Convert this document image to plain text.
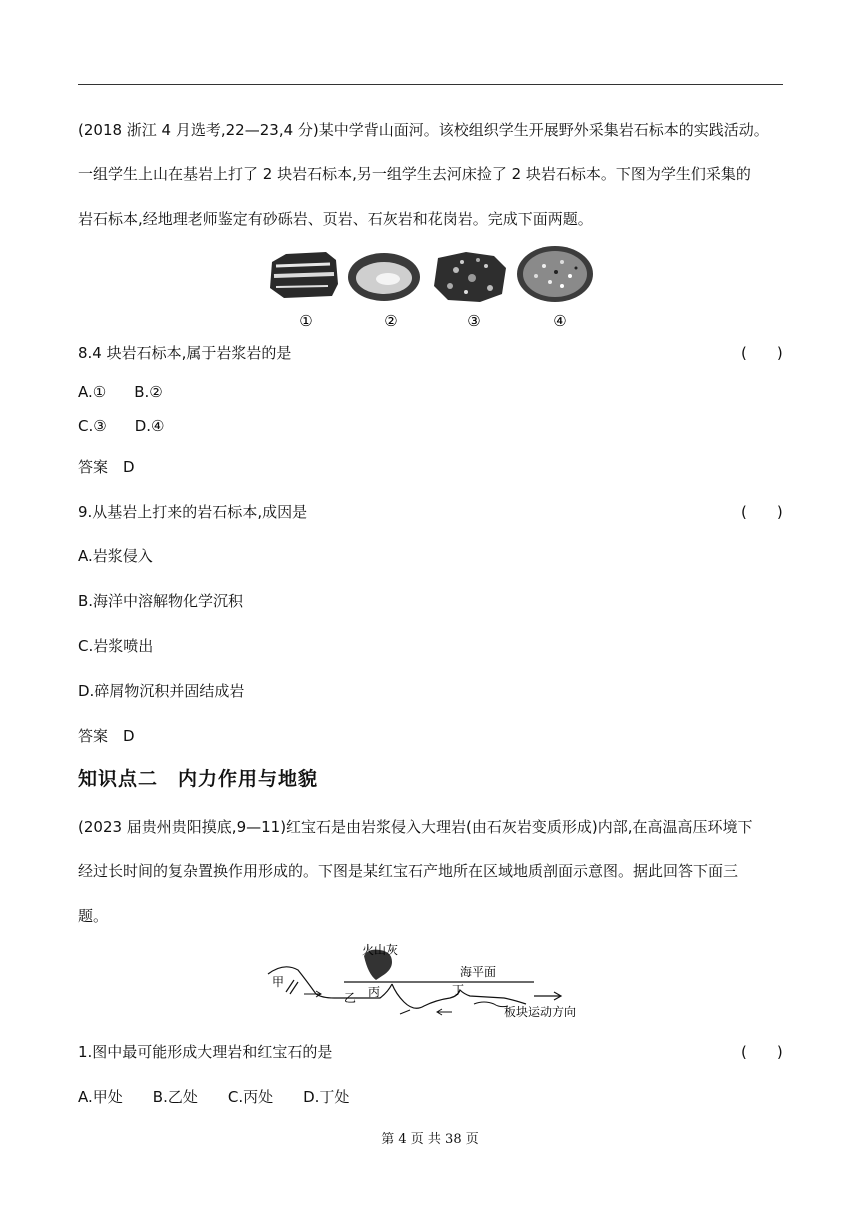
(2018 浙江 4 月选考,22—23,4 分)某中学背山面河。该校组织学生开展野外采集岩石标本的实践活动。
一组学生上山在基岩上打了 2 块岩石标本,另一组学生去河床捡了 2 块岩石标本。下图为学生们采集的
岩石标本,经地理老师鉴定有砂砾岩、页岩、石灰岩和花岗岩。完成下面两题。
①	②	③	④
8.4 块岩石标本,属于岩浆岩的是	(　　)
A.① B.②
C.③ D.④
答案　D
9.从基岩上打来的岩石标本,成因是	(　　)
A.岩浆侵入
B.海洋中溶解物化学沉积
C.岩浆喷出
D.碎屑物沉积并固结成岩
答案　D
知识点二　内力作用与地貌
(2023 届贵州贵阳摸底,9—11)红宝石是由岩浆侵入大理岩(由石灰岩变质形成)内部,在高温高压环境下
经过长时间的复杂置换作用形成的。下图是某红宝石产地所在区域地质剖面示意图。据此回答下面三
题。
火山灰
海平面
甲
乙 丙	丁
板块运动方向
1.图中最可能形成大理岩和红宝石的是	(　　)
A.甲处 B.乙处 C.丙处 D.丁处
第 4 页 共 38 页
